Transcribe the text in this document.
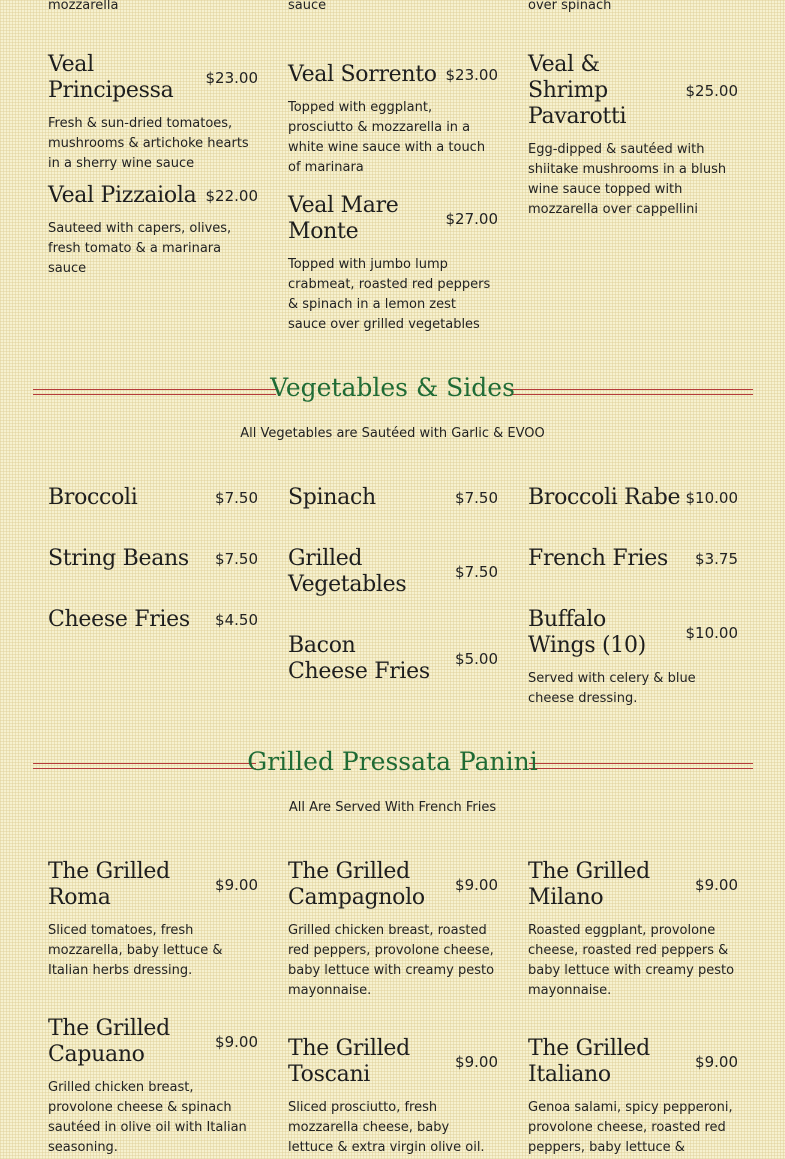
mozzarella	sauce	over spinach
Veal Principessa	$23.00
Fresh & sun-dried tomatoes, mushrooms & artichoke hearts in a sherry wine sauce
Veal Sorrento $23.00
Topped with eggplant, prosciutto & mozzarella in a white wine sauce with a touch of marinara
Veal & Shrimp Pavarotti
$25.00
Egg-dipped & sautéed with shiitake mushrooms in a blush wine sauce topped with mozzarella over cappellini
Veal Pizzaiola $22.00
Sauteed with capers, olives, fresh tomato & a marinara sauce
Veal Mare Monte	$27.00
Topped with jumbo lump crabmeat, roasted red peppers & spinach in a lemon zest sauce over grilled vegetables
Vegetables & Sides
All Vegetables are Sautéed with Garlic & EVOO
Broccoli	$7.50 Spinach	$7.50 Broccoli Rabe $10.00
String Beans $7.50 Grilled Vegetables	$7.50
French Fries $3.75
Cheese Fries $4.50
Bacon Cheese Fries	$5.00
Buffalo Wings (10)	$10.00
Served with celery & blue cheese dressing.
Grilled Pressata Panini
All Are Served With French Fries
The Grilled Roma	$9.00
Sliced tomatoes, fresh mozzarella, baby lettuce & Italian herbs dressing.
The Grilled Campagnolo	$9.00
Grilled chicken breast, roasted red peppers, provolone cheese, baby lettuce with creamy pesto mayonnaise.
The Grilled Milano	$9.00
Roasted eggplant, provolone cheese, roasted red peppers & baby lettuce with creamy pesto mayonnaise.
The Grilled Capuano	$9.00
Grilled chicken breast, provolone cheese & spinach sautéed in olive oil with Italian seasoning.
The Grilled Toscani	$9.00
Sliced prosciutto, fresh mozzarella cheese, baby lettuce & extra virgin olive oil.
The Grilled Italiano	$9.00
Genoa salami, spicy pepperoni, provolone cheese, roasted red peppers, baby lettuce &
